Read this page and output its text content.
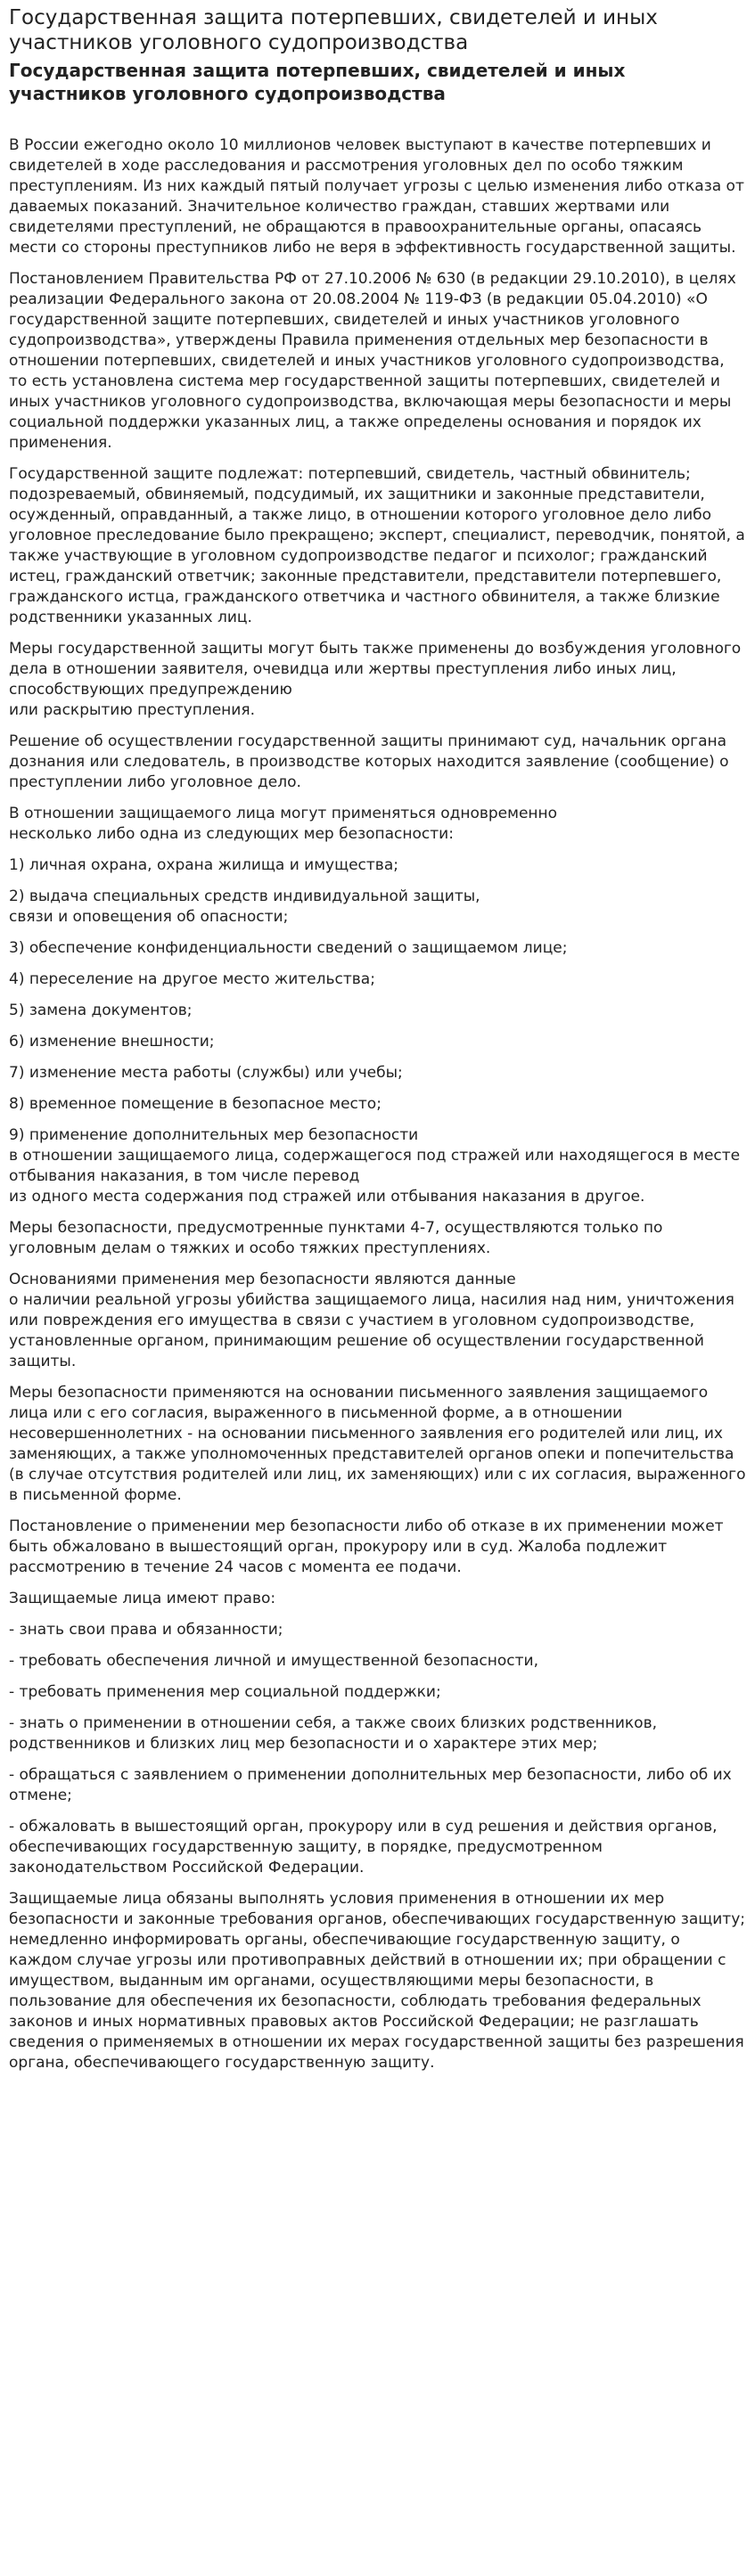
Государственная защита потерпевших, свидетелей и иных участников уголовного судопроизводства
Государственная защита потерпевших, свидетелей и иных участников уголовного судопроизводства

В России ежегодно около 10 миллионов человек выступают в качестве потерпевших и свидетелей в ходе расследования и рассмотрения уголовных дел по особо тяжким преступлениям. Из них каждый пятый получает угрозы с целью изменения либо отказа от даваемых показаний. Значительное количество граждан, ставших жертвами или свидетелями преступлений, не обращаются в правоохранительные органы, опасаясь мести со стороны преступников либо не веря в эффективность государственной защиты.

Постановлением Правительства РФ от 27.10.2006 № 630 (в редакции 29.10.2010), в целях реализации Федерального закона от 20.08.2004 № 119-ФЗ (в редакции 05.04.2010) «О государственной защите потерпевших, свидетелей и иных участников уголовного судопроизводства», утверждены Правила применения отдельных мер безопасности в отношении потерпевших, свидетелей и иных участников уголовного судопроизводства, то есть установлена система мер государственной защиты потерпевших, свидетелей и иных участников уголовного судопроизводства, включающая меры безопасности и меры социальной поддержки указанных лиц, а также определены основания и порядок их применения.

Государственной защите подлежат: потерпевший, свидетель, частный обвинитель; подозреваемый, обвиняемый, подсудимый, их защитники и законные представители, осужденный, оправданный, а также лицо, в отношении которого уголовное дело либо уголовное преследование было прекращено; эксперт, специалист, переводчик, понятой, а также участвующие в уголовном судопроизводстве педагог и психолог; гражданский истец, гражданский ответчик; законные представители, представители потерпевшего, гражданского истца, гражданского ответчика и частного обвинителя, а также близкие родственники указанных лиц.

Меры государственной защиты могут быть также применены до возбуждения уголовного дела в отношении заявителя, очевидца или жертвы преступления либо иных лиц, способствующих предупреждению
или раскрытию преступления.

Решение об осуществлении государственной защиты принимают суд, начальник органа дознания или следователь, в производстве которых находится заявление (сообщение) о преступлении либо уголовное дело.

В отношении защищаемого лица могут применяться одновременно
несколько либо одна из следующих мер безопасности:

1) личная охрана, охрана жилища и имущества;

2) выдача специальных средств индивидуальной защиты,
связи и оповещения об опасности;

3) обеспечение конфиденциальности сведений о защищаемом лице;

4) переселение на другое место жительства;

5) замена документов;

6) изменение внешности;

7) изменение места работы (службы) или учебы;

8) временное помещение в безопасное место;

9) применение дополнительных мер безопасности
в отношении защищаемого лица, содержащегося под стражей или находящегося в месте отбывания наказания, в том числе перевод
из одного места содержания под стражей или отбывания наказания в другое.

Меры безопасности, предусмотренные пунктами 4-7, осуществляются только по уголовным делам о тяжких и особо тяжких преступлениях.

Основаниями применения мер безопасности являются данные
о наличии реальной угрозы убийства защищаемого лица, насилия над ним, уничтожения или повреждения его имущества в связи с участием в уголовном судопроизводстве, установленные органом, принимающим решение об осуществлении государственной защиты.

Меры безопасности применяются на основании письменного заявления защищаемого лица или с его согласия, выраженного в письменной форме, а в отношении несовершеннолетних - на основании письменного заявления его родителей или лиц, их заменяющих, а также уполномоченных представителей органов опеки и попечительства (в случае отсутствия родителей или лиц, их заменяющих) или с их согласия, выраженного в письменной форме.

Постановление о применении мер безопасности либо об отказе в их применении может быть обжаловано в вышестоящий орган, прокурору или в суд. Жалоба подлежит рассмотрению в течение 24 часов с момента ее подачи.

Защищаемые лица имеют право:

- знать свои права и обязанности;

- требовать обеспечения личной и имущественной безопасности,

- требовать применения мер социальной поддержки;

- знать о применении в отношении себя, а также своих близких родственников, родственников и близких лиц мер безопасности и о характере этих мер;

- обращаться с заявлением о применении дополнительных мер безопасности, либо об их отмене;

- обжаловать в вышестоящий орган, прокурору или в суд решения и действия органов, обеспечивающих государственную защиту, в порядке, предусмотренном законодательством Российской Федерации.

Защищаемые лица обязаны выполнять условия применения в отношении их мер безопасности и законные требования органов, обеспечивающих государственную защиту; немедленно информировать органы, обеспечивающие государственную защиту, о каждом случае угрозы или противоправных действий в отношении их; при обращении с имуществом, выданным им органами, осуществляющими меры безопасности, в пользование для обеспечения их безопасности, соблюдать требования федеральных законов и иных нормативных правовых актов Российской Федерации; не разглашать сведения о применяемых в отношении их мерах государственной защиты без разрешения органа, обеспечивающего государственную защиту.
